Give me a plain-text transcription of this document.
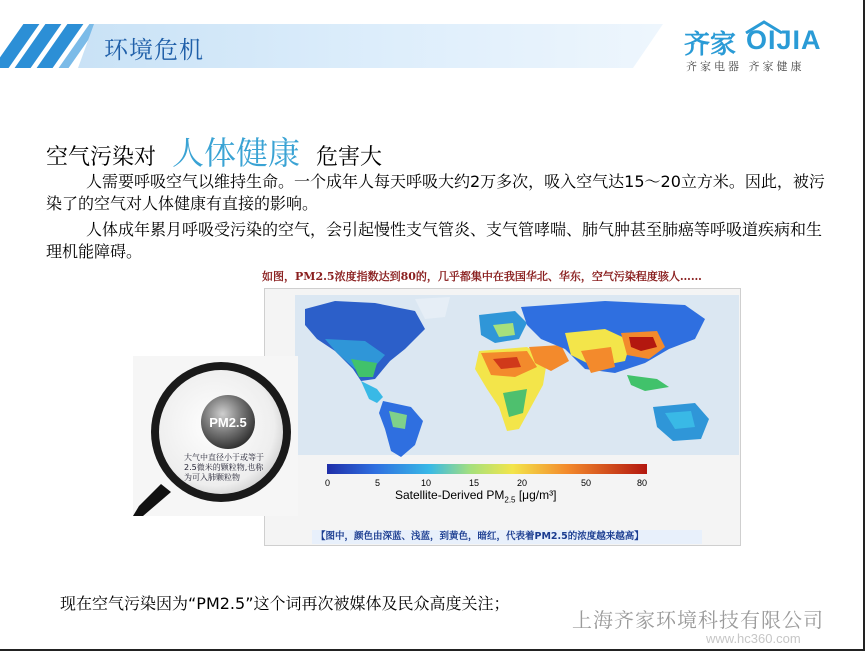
环境危机	齐家 OIJIA
齐家电器 齐家健康
空气污染对 人体健康 危害大
人需要呼吸空气以维持生命。一个成年人每天呼吸大约2万多次，吸入空气达15～20立方米。因此，被污染了的空气对人体健康有直接的影响。
人体成年累月呼吸受污染的空气，会引起慢性支气管炎、支气管哮喘、肺气肿甚至肺癌等呼吸道疾病和生理机能障碍。
如图，PM2.5浓度指数达到80的，几乎都集中在我国华北、华东，空气污染程度骇人……
0	5	10	15	20	50	80
Satellite-Derived $PM_{2.5}$ [μg/m³]
【图中，颜色由深蓝、浅蓝，到黄色，暗红，代表着PM2.5的浓度越来越高】
PM2.5
大气中直径小于或等于2.5微米的颗粒物,也称为可入肺颗粒物
现在空气污染因为“PM2.5”这个词再次被媒体及民众高度关注；
上海齐家环境科技有限公司
www.hc360.com
